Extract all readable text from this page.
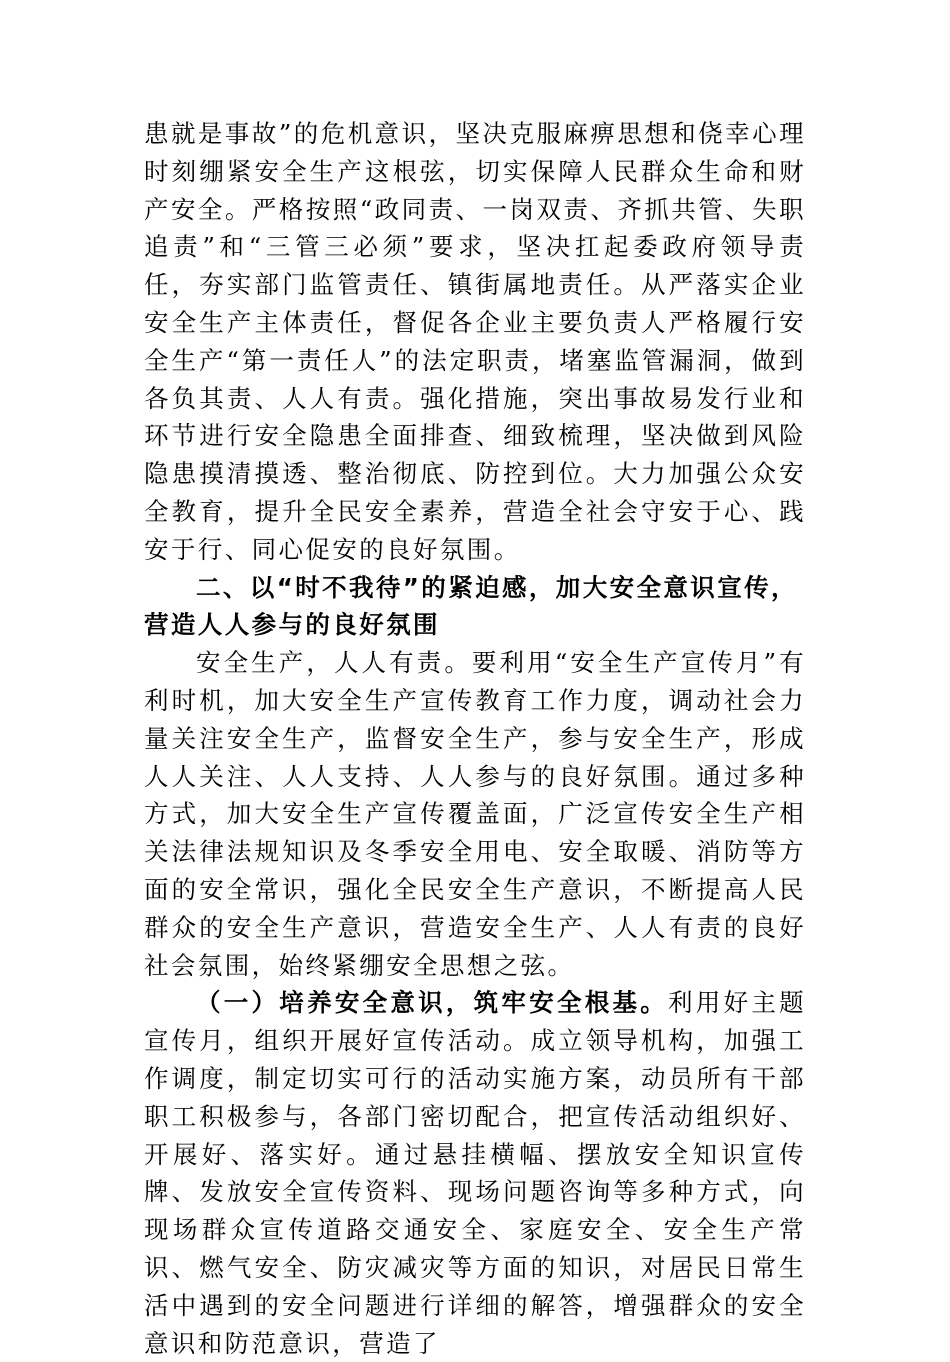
患就是事故”的危机意识，坚决克服麻痹思想和侥幸心理时刻绷紧安全生产这根弦，切实保障人民群众生命和财产安全。严格按照“政同责、一岗双责、齐抓共管、失职追责”和“三管三必须”要求，坚决扛起委政府领导责任，夯实部门监管责任、镇街属地责任。从严落实企业安全生产主体责任，督促各企业主要负责人严格履行安全生产“第一责任人”的法定职责，堵塞监管漏洞，做到各负其责、人人有责。强化措施，突出事故易发行业和环节进行安全隐患全面排查、细致梳理，坚决做到风险隐患摸清摸透、整治彻底、防控到位。大力加强公众安全教育，提升全民安全素养，营造全社会守安于心、践安于行、同心促安的良好氛围。

二、以“时不我待”的紧迫感，加大安全意识宣传，营造人人参与的良好氛围

安全生产，人人有责。要利用“安全生产宣传月”有利时机，加大安全生产宣传教育工作力度，调动社会力量关注安全生产，监督安全生产，参与安全生产，形成人人关注、人人支持、人人参与的良好氛围。通过多种方式，加大安全生产宣传覆盖面，广泛宣传安全生产相关法律法规知识及冬季安全用电、安全取暖、消防等方面的安全常识，强化全民安全生产意识，不断提高人民群众的安全生产意识，营造安全生产、人人有责的良好社会氛围，始终紧绷安全思想之弦。

（一）培养安全意识，筑牢安全根基。利用好主题宣传月，组织开展好宣传活动。成立领导机构，加强工作调度，制定切实可行的活动实施方案，动员所有干部职工积极参与，各部门密切配合，把宣传活动组织好、开展好、落实好。通过悬挂横幅、摆放安全知识宣传牌、发放安全宣传资料、现场问题咨询等多种方式，向现场群众宣传道路交通安全、家庭安全、安全生产常识、燃气安全、防灾减灾等方面的知识，对居民日常生活中遇到的安全问题进行详细的解答，增强群众的安全意识和防范意识，营造了
